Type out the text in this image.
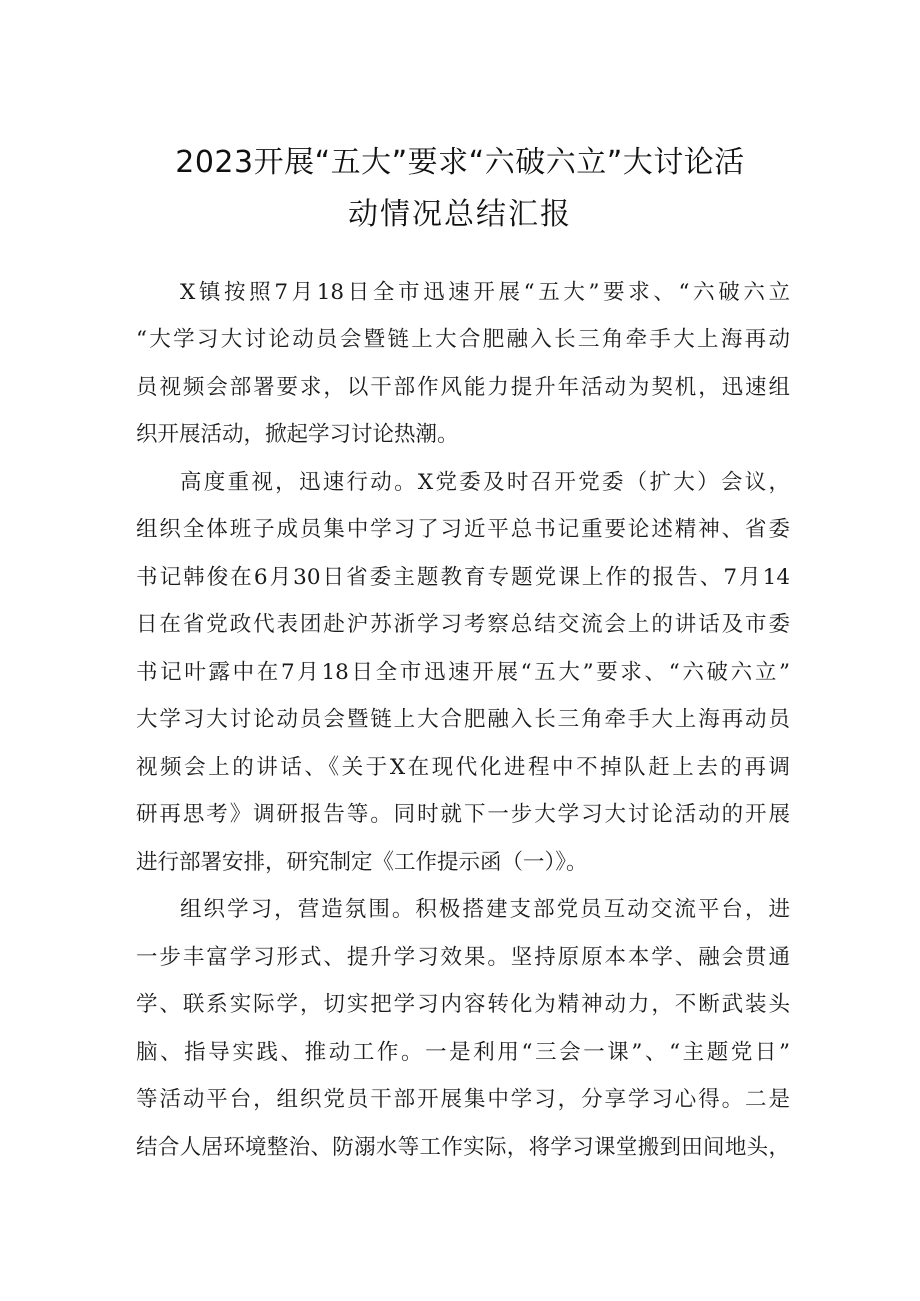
2023开展“五大”要求“六破六立”大讨论活
动情况总结汇报

X镇按照7月18日全市迅速开展“五大”要求、“六破六立

“大学习大讨论动员会暨链上大合肥融入长三角牵手大上海再动

员视频会部署要求，以干部作风能力提升年活动为契机，迅速组

织开展活动，掀起学习讨论热潮。

高度重视，迅速行动。X党委及时召开党委（扩大）会议，

组织全体班子成员集中学习了习近平总书记重要论述精神、省委

书记韩俊在6月30日省委主题教育专题党课上作的报告、7月14

日在省党政代表团赴沪苏浙学习考察总结交流会上的讲话及市委

书记叶露中在7月18日全市迅速开展“五大”要求、“六破六立”

大学习大讨论动员会暨链上大合肥融入长三角牵手大上海再动员

视频会上的讲话、《关于X在现代化进程中不掉队赶上去的再调

研再思考》调研报告等。同时就下一步大学习大讨论活动的开展

进行部署安排，研究制定《工作提示函（一）》。

组织学习，营造氛围。积极搭建支部党员互动交流平台，进

一步丰富学习形式、提升学习效果。坚持原原本本学、融会贯通

学、联系实际学，切实把学习内容转化为精神动力，不断武装头

脑、指导实践、推动工作。一是利用“三会一课”、“主题党日”

等活动平台，组织党员干部开展集中学习，分享学习心得。二是

结合人居环境整治、防溺水等工作实际，将学习课堂搬到田间地头，
